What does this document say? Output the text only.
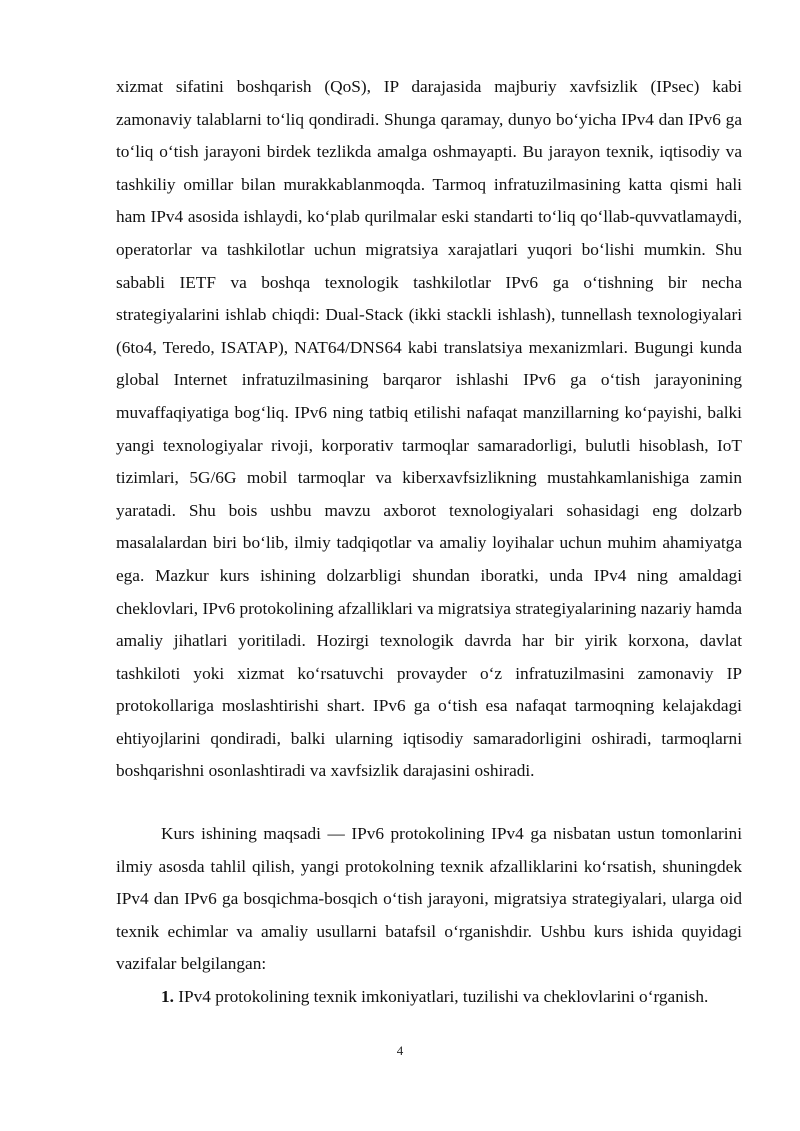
xizmat sifatini boshqarish (QoS), IP darajasida majburiy xavfsizlik (IPsec) kabi zamonaviy talablarni to‘liq qondiradi. Shunga qaramay, dunyo bo‘yicha IPv4 dan IPv6 ga to‘liq o‘tish jarayoni birdek tezlikda amalga oshmayapti. Bu jarayon texnik, iqtisodiy va tashkiliy omillar bilan murakkablanmoqda. Tarmoq infratuzilmasining katta qismi hali ham IPv4 asosida ishlaydi, ko‘plab qurilmalar eski standarti to‘liq qo‘llab-quvvatlamaydi, operatorlar va tashkilotlar uchun migratsiya xarajatlari yuqori bo‘lishi mumkin. Shu sababli IETF va boshqa texnologik tashkilotlar IPv6 ga o‘tishning bir necha strategiyalarini ishlab chiqdi: Dual-Stack (ikki stackli ishlash), tunnellash texnologiyalari (6to4, Teredo, ISATAP), NAT64/DNS64 kabi translatsiya mexanizmlari. Bugungi kunda global Internet infratuzilmasining barqaror ishlashi IPv6 ga o‘tish jarayonining muvaffaqiyatiga bog‘liq. IPv6 ning tatbiq etilishi nafaqat manzillarning ko‘payishi, balki yangi texnologiyalar rivoji, korporativ tarmoqlar samaradorligi, bulutli hisoblash, IoT tizimlari, 5G/6G mobil tarmoqlar va kiberxavfsizlikning mustahkamlanishiga zamin yaratadi. Shu bois ushbu mavzu axborot texnologiyalari sohasidagi eng dolzarb masalalardan biri bo‘lib, ilmiy tadqiqotlar va amaliy loyihalar uchun muhim ahamiyatga ega. Mazkur kurs ishining dolzarbligi shundan iboratki, unda IPv4 ning amaldagi cheklovlari, IPv6 protokolining afzalliklari va migratsiya strategiyalarining nazariy hamda amaliy jihatlari yoritiladi. Hozirgi texnologik davrda har bir yirik korxona, davlat tashkiloti yoki xizmat ko‘rsatuvchi provayder o‘z infratuzilmasini zamonaviy IP protokollariga moslashtirishi shart. IPv6 ga o‘tish esa nafaqat tarmoqning kelajakdagi ehtiyojlarini qondiradi, balki ularning iqtisodiy samaradorligini oshiradi, tarmoqlarni boshqarishni osonlashtiradi va xavfsizlik darajasini oshiradi.

Kurs ishining maqsadi — IPv6 protokolining IPv4 ga nisbatan ustun tomonlarini ilmiy asosda tahlil qilish, yangi protokolning texnik afzalliklarini ko‘rsatish, shuningdek IPv4 dan IPv6 ga bosqichma-bosqich o‘tish jarayoni, migratsiya strategiyalari, ularga oid texnik echimlar va amaliy usullarni batafsil o‘rganishdir. Ushbu kurs ishida quyidagi vazifalar belgilangan:

1. IPv4 protokolining texnik imkoniyatlari, tuzilishi va cheklovlarini o‘rganish.

4
